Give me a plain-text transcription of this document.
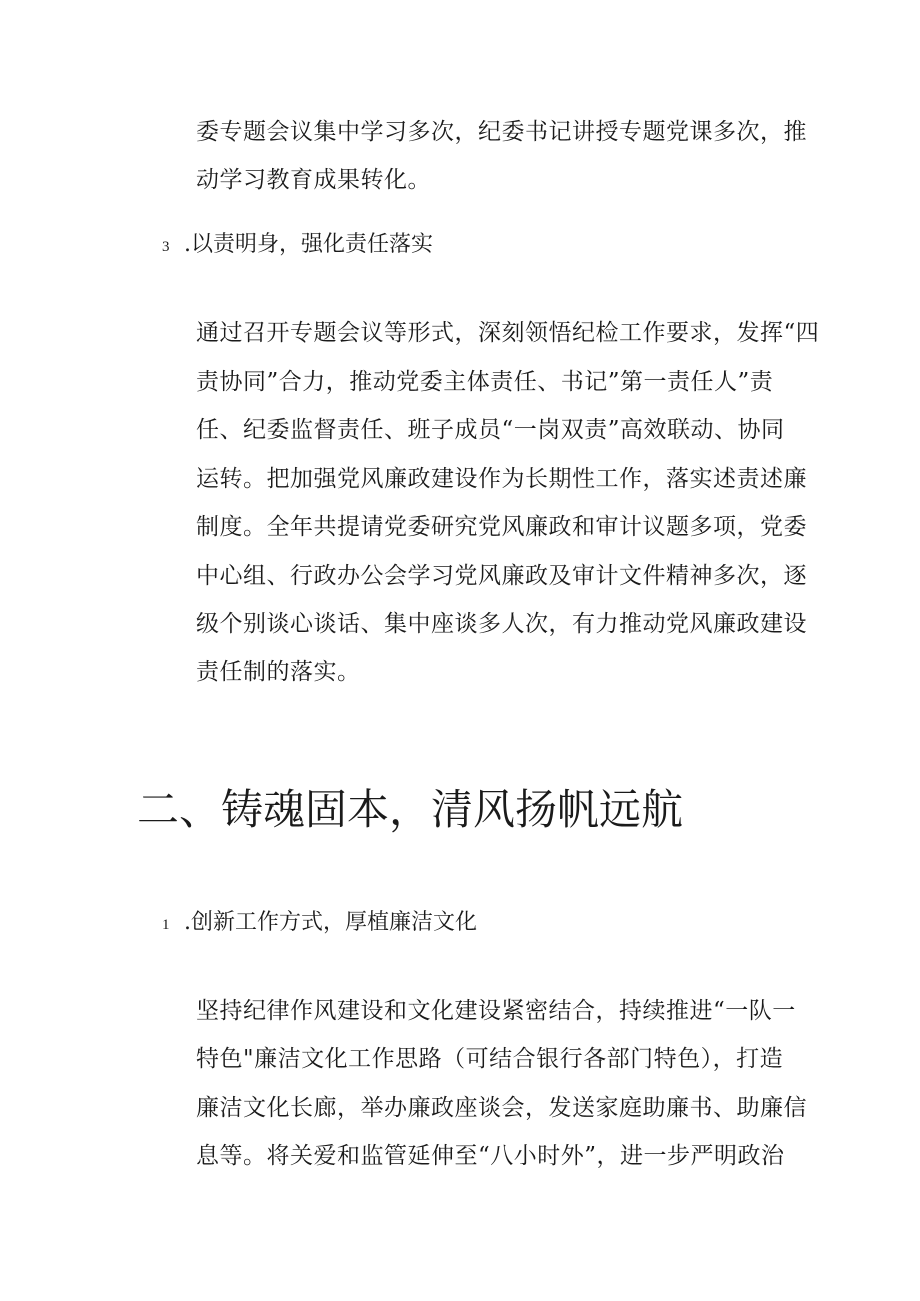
委专题会议集中学习多次，纪委书记讲授专题党课多次，推
动学习教育成果转化。
3 .以责明身，强化责任落实
通过召开专题会议等形式，深刻领悟纪检工作要求，发挥“四
责协同”合力，推动党委主体责任、书记”第一责任人”责
任、纪委监督责任、班子成员“一岗双责”高效联动、协同
运转。把加强党风廉政建设作为长期性工作，落实述责述廉
制度。全年共提请党委研究党风廉政和审计议题多项，党委
中心组、行政办公会学习党风廉政及审计文件精神多次，逐
级个别谈心谈话、集中座谈多人次，有力推动党风廉政建设
责任制的落实。
二、铸魂固本，清风扬帆远航
1 .创新工作方式，厚植廉洁文化
坚持纪律作风建设和文化建设紧密结合，持续推进“一队一
特色"廉洁文化工作思路（可结合银行各部门特色），打造
廉洁文化长廊，举办廉政座谈会，发送家庭助廉书、助廉信
息等。将关爱和监管延伸至“八小时外”，进一步严明政治
